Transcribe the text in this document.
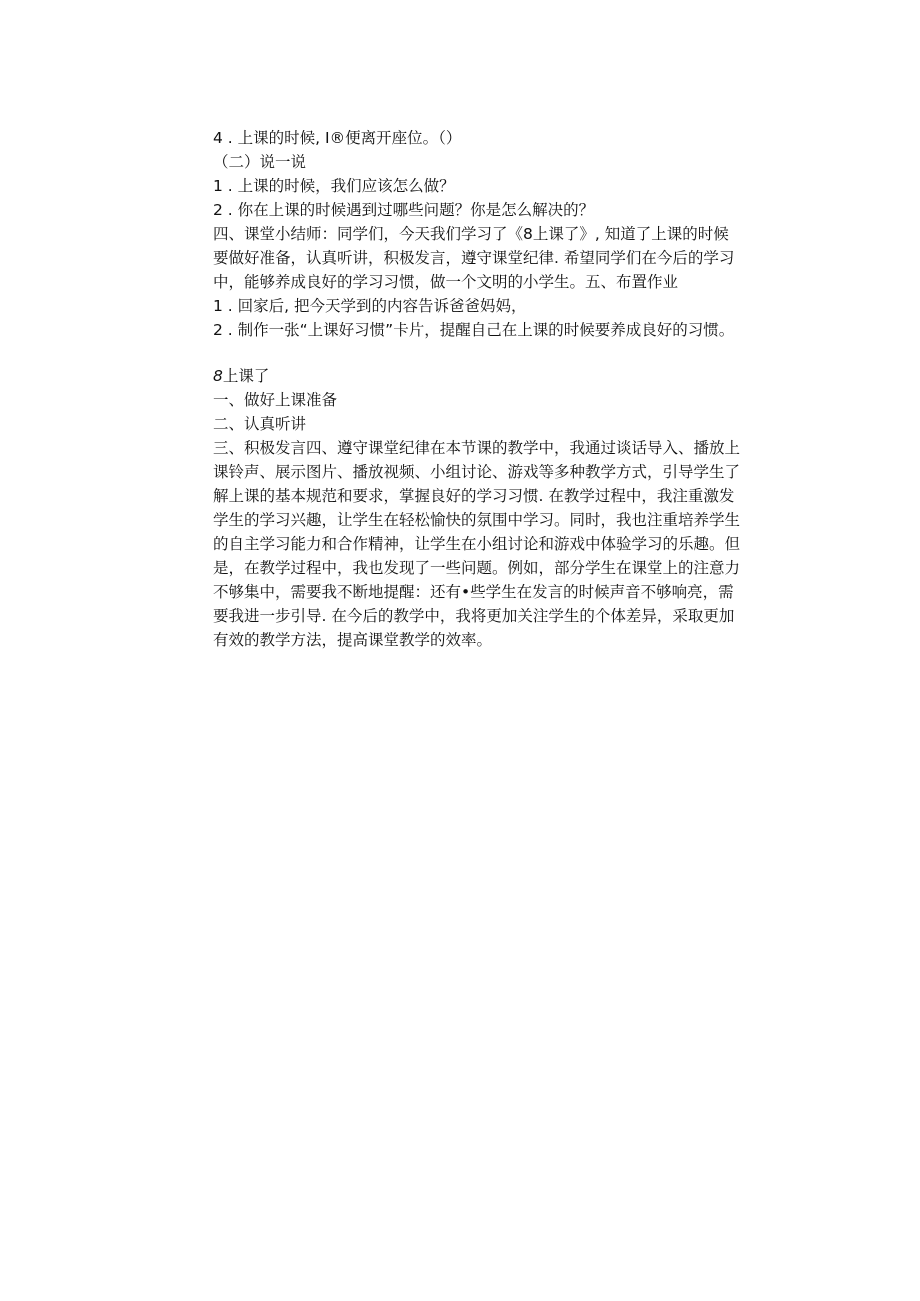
4 . 上课的时候, I®便离开座位。（）

（二）说一说

1 . 上课的时候，我们应该怎么做？

2 . 你在上课的时候遇到过哪些问题？你是怎么解决的？

四、课堂小结师：同学们，今天我们学习了《8上课了》, 知道了上课的时候

要做好准备，认真听讲，积极发言，遵守课堂纪律. 希望同学们在今后的学习

中，能够养成良好的学习习惯，做一个文明的小学生。五、布置作业

1 . 回家后, 把今天学到的内容告诉爸爸妈妈，

2 . 制作一张“上课好习惯”卡片，提醒自己在上课的时候要养成良好的习惯。

8上课了

一、做好上课准备

二、认真听讲

三、积极发言四、遵守课堂纪律在本节课的教学中，我通过谈话导入、播放上

课铃声、展示图片、播放视频、小组讨论、游戏等多种教学方式，引导学生了

解上课的基本规范和要求，掌握良好的学习习惯. 在教学过程中，我注重激发

学生的学习兴趣，让学生在轻松愉快的氛围中学习。同时，我也注重培养学生

的自主学习能力和合作精神，让学生在小组讨论和游戏中体验学习的乐趣。但

是，在教学过程中，我也发现了一些问题。例如，部分学生在课堂上的注意力

不够集中，需要我不断地提醒：还有•些学生在发言的时候声音不够响亮，需

要我进一步引导. 在今后的教学中，我将更加关注学生的个体差异，采取更加

有效的教学方法，提高课堂教学的效率。
